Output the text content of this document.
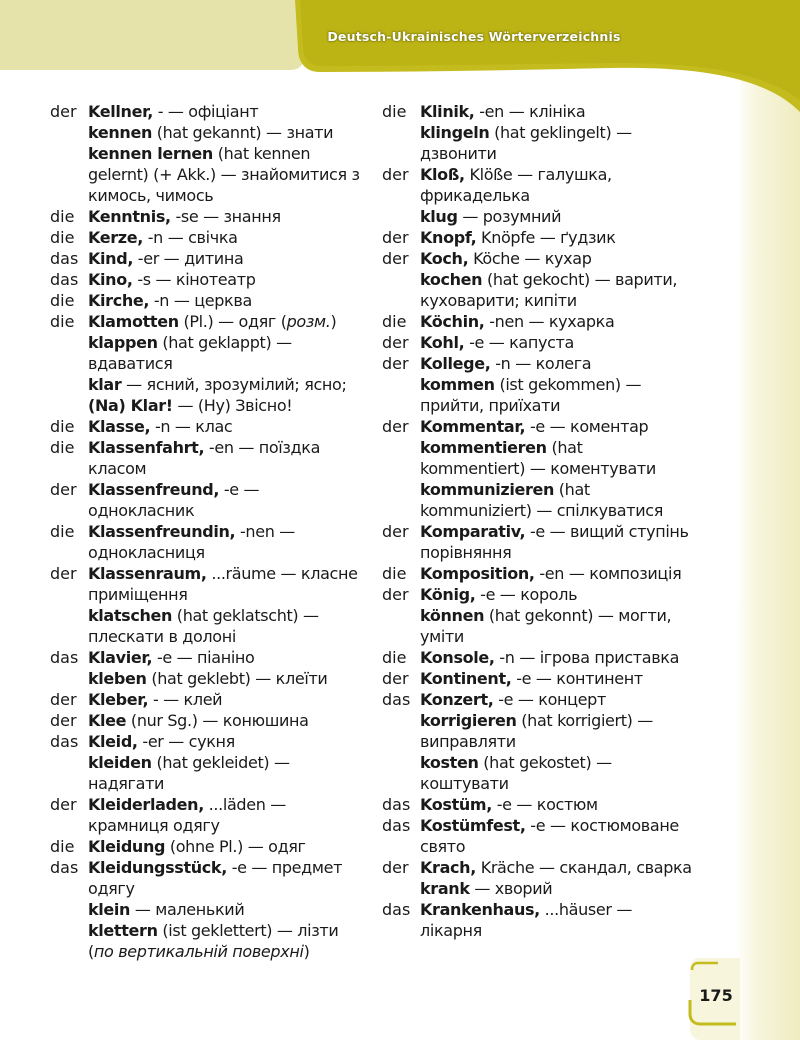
Deutsch-Ukrainisches Wörterverzeichnis
der Kellner, - — офіціант
kennen (hat gekannt) — знати
kennen lernen (hat kennen gelernt) (+ Akk.) — знайомитися з кимось, чимось
die Kenntnis, -se — знання
die Kerze, -n — свічка
das Kind, -er — дитина
das Kino, -s — кінотеатр
die Kirche, -n — церква
die Klamotten (Pl.) — одяг (розм.)
klappen (hat geklappt) — вдаватися
klar — ясний, зрозумілий; ясно;
(Na) Klar! — (Ну) Звісно!
die Klasse, -n — клас
die Klassenfahrt, -en — поїздка класом
der Klassenfreund, -e — однокласник
die Klassenfreundin, -nen — однокласниця
der Klassenraum, ...räume — класне приміщення
klatschen (hat geklatscht) — плескати в долоні
das Klavier, -e — піаніно
kleben (hat geklebt) — клеїти
der Kleber, - — клей
der Klee (nur Sg.) — конюшина
das Kleid, -er — сукня
kleiden (hat gekleidet) — надягати
der Kleiderladen, ...läden — крамниця одягу
die Kleidung (ohne Pl.) — одяг
das Kleidungsstück, -e — предмет одягу
klein — маленький
klettern (ist geklettert) — лізти (по вертикальній поверхні)
die Klinik, -en — клініка
klingeln (hat geklingelt) — дзвонити
der Kloß, Klöße — галушка, фрикаделька
klug — розумний
der Knopf, Knöpfe — ґудзик
der Koch, Köche — кухар
kochen (hat gekocht) — варити, куховарити; кипіти
die Köchin, -nen — кухарка
der Kohl, -e — капуста
der Kollege, -n — колега
kommen (ist gekommen) — прийти, приїхати
der Kommentar, -e — коментар
kommentieren (hat kommentiert) — коментувати
kommunizieren (hat kommuniziert) — спілкуватися
der Komparativ, -e — вищий ступінь порівняння
die Komposition, -en — композиція
der König, -e — король
können (hat gekonnt) — могти, уміти
die Konsole, -n — ігрова приставка
der Kontinent, -e — континент
das Konzert, -e — концерт
korrigieren (hat korrigiert) — виправляти
kosten (hat gekostet) — коштувати
das Kostüm, -e — костюм
das Kostümfest, -e — костюмоване свято
der Krach, Kräche — скандал, сварка
krank — хворий
das Krankenhaus, ...häuser — лікарня
175
